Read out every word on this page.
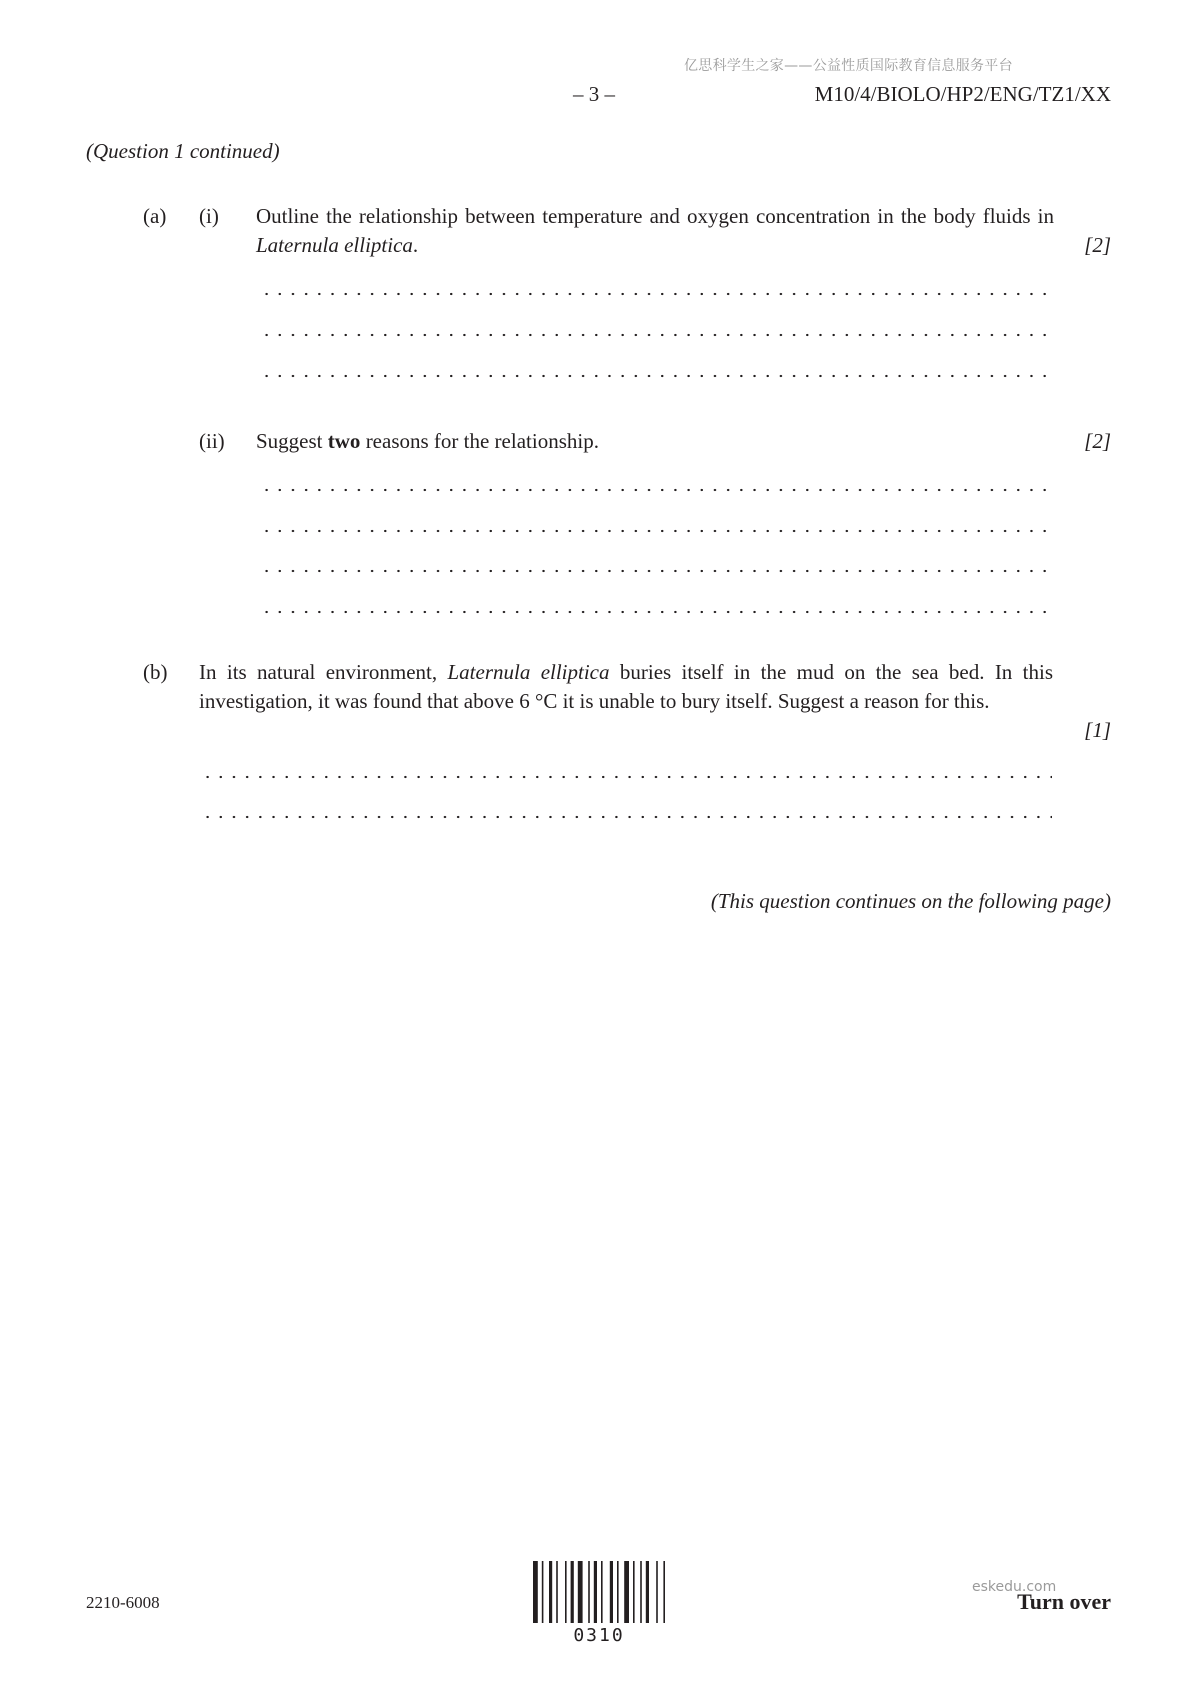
亿思科学生之家——公益性质国际教育信息服务平台
– 3 –	M10/4/BIOLO/HP2/ENG/TZ1/XX
(Question 1 continued)
(a) (i) Outline the relationship between temperature and oxygen concentration in the body fluids in Laternula elliptica.	[2]
(ii) Suggest two reasons for the relationship.	[2]
(b) In its natural environment, Laternula elliptica buries itself in the mud on the sea bed. In this investigation, it was found that above 6 °C it is unable to bury itself. Suggest a reason for this.

[1]
(This question continues on the following page)
2210-6008
0310
eskedu.com
Turn over
